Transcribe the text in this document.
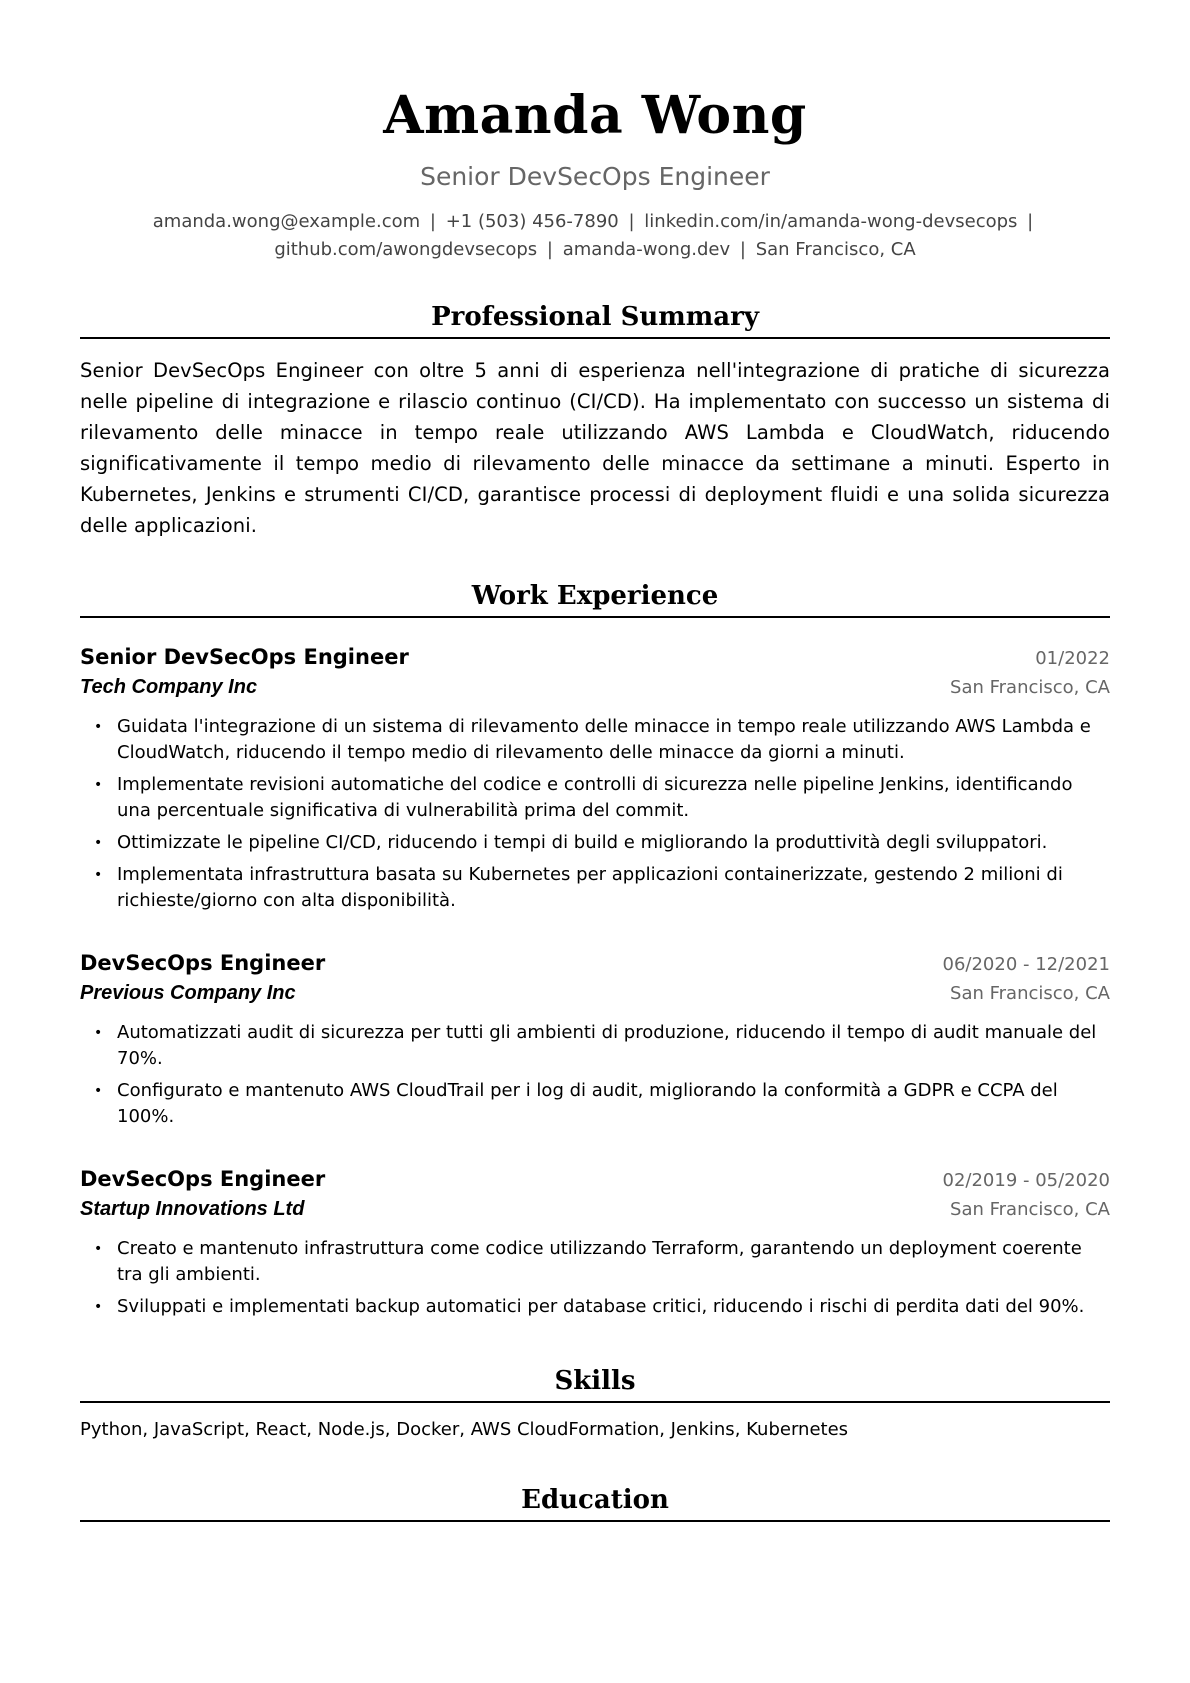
Amanda Wong
Senior DevSecOps Engineer
amanda.wong@example.com | +1 (503) 456-7890 | linkedin.com/in/amanda-wong-devsecops |
github.com/awongdevsecops | amanda-wong.dev | San Francisco, CA
Professional Summary
Senior DevSecOps Engineer con oltre 5 anni di esperienza nell'integrazione di pratiche di sicurezza nelle pipeline di integrazione e rilascio continuo (CI/CD). Ha implementato con successo un sistema di rilevamento delle minacce in tempo reale utilizzando AWS Lambda e CloudWatch, riducendo significativamente il tempo medio di rilevamento delle minacce da settimane a minuti. Esperto in Kubernetes, Jenkins e strumenti CI/CD, garantisce processi di deployment fluidi e una solida sicurezza delle applicazioni.
Work Experience
Senior DevSecOps Engineer	01/2022
Tech Company Inc	San Francisco, CA
• Guidata l'integrazione di un sistema di rilevamento delle minacce in tempo reale utilizzando AWS Lambda e CloudWatch, riducendo il tempo medio di rilevamento delle minacce da giorni a minuti.
• Implementate revisioni automatiche del codice e controlli di sicurezza nelle pipeline Jenkins, identificando una percentuale significativa di vulnerabilità prima del commit.
• Ottimizzate le pipeline CI/CD, riducendo i tempi di build e migliorando la produttività degli sviluppatori.
• Implementata infrastruttura basata su Kubernetes per applicazioni containerizzate, gestendo 2 milioni di richieste/giorno con alta disponibilità.
DevSecOps Engineer	06/2020 - 12/2021
Previous Company Inc	San Francisco, CA
• Automatizzati audit di sicurezza per tutti gli ambienti di produzione, riducendo il tempo di audit manuale del 70%.
• Configurato e mantenuto AWS CloudTrail per i log di audit, migliorando la conformità a GDPR e CCPA del 100%.
DevSecOps Engineer	02/2019 - 05/2020
Startup Innovations Ltd	San Francisco, CA
• Creato e mantenuto infrastruttura come codice utilizzando Terraform, garantendo un deployment coerente tra gli ambienti.
• Sviluppati e implementati backup automatici per database critici, riducendo i rischi di perdita dati del 90%.
Skills
Python, JavaScript, React, Node.js, Docker, AWS CloudFormation, Jenkins, Kubernetes
Education
